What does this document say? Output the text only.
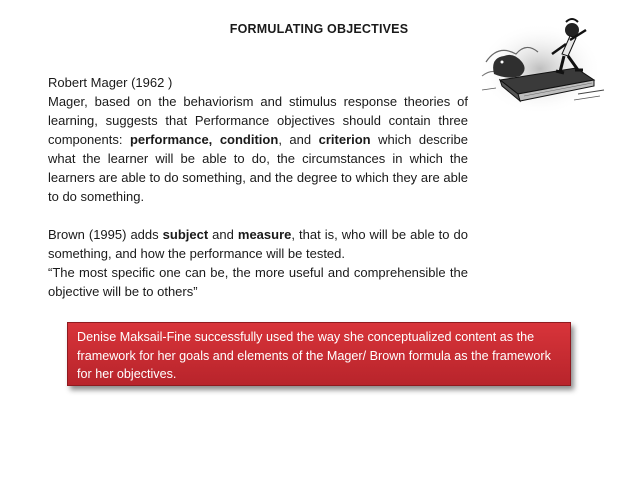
FORMULATING OBJECTIVES

Robert Mager (1962 )

Mager, based on the behaviorism and stimulus response theories of learning, suggests that Performance objectives should contain three components: performance, condition, and criterion which describe what the learner will be able to do, the circumstances in which the learners are able to do something, and the degree to which they are able to do something.

Brown (1995) adds subject and measure, that is, who will be able to do something, and how the performance will be tested.

“The most specific one can be, the more useful and comprehensible the objective will be to others”

Denise Maksail-Fine successfully used the way she conceptualized content as the framework for her goals and elements of the Mager/ Brown formula as the framework for her objectives.
